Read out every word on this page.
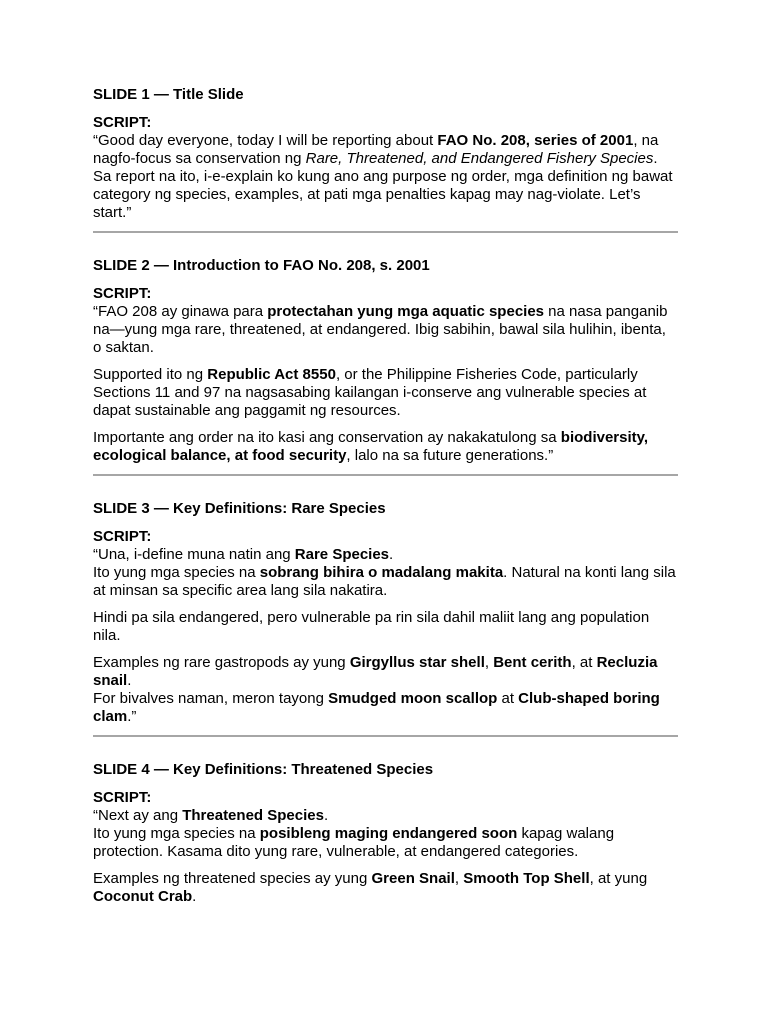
SLIDE 1 — Title Slide
SCRIPT:

“Good day everyone, today I will be reporting about FAO No. 208, series of 2001, na nagfo-focus sa conservation ng Rare, Threatened, and Endangered Fishery Species. Sa report na ito, i-e-explain ko kung ano ang purpose ng order, mga definition ng bawat category ng species, examples, at pati mga penalties kapag may nag-violate. Let’s start.”

SLIDE 2 — Introduction to FAO No. 208, s. 2001
SCRIPT:

“FAO 208 ay ginawa para protectahan yung mga aquatic species na nasa panganib na—yung mga rare, threatened, at endangered. Ibig sabihin, bawal sila hulihin, ibenta, o saktan.

Supported ito ng Republic Act 8550, or the Philippine Fisheries Code, particularly Sections 11 and 97 na nagsasabing kailangan i-conserve ang vulnerable species at dapat sustainable ang paggamit ng resources.

Importante ang order na ito kasi ang conservation ay nakakatulong sa biodiversity, ecological balance, at food security, lalo na sa future generations.”

SLIDE 3 — Key Definitions: Rare Species
SCRIPT:

“Una, i-define muna natin ang Rare Species.
Ito yung mga species na sobrang bihira o madalang makita. Natural na konti lang sila at minsan sa specific area lang sila nakatira.

Hindi pa sila endangered, pero vulnerable pa rin sila dahil maliit lang ang population nila.

Examples ng rare gastropods ay yung Girgyllus star shell, Bent cerith, at Recluzia snail.
For bivalves naman, meron tayong Smudged moon scallop at Club-shaped boring clam.”

SLIDE 4 — Key Definitions: Threatened Species
SCRIPT:

“Next ay ang Threatened Species.
Ito yung mga species na posibleng maging endangered soon kapag walang protection. Kasama dito yung rare, vulnerable, at endangered categories.

Examples ng threatened species ay yung Green Snail, Smooth Top Shell, at yung Coconut Crab.
